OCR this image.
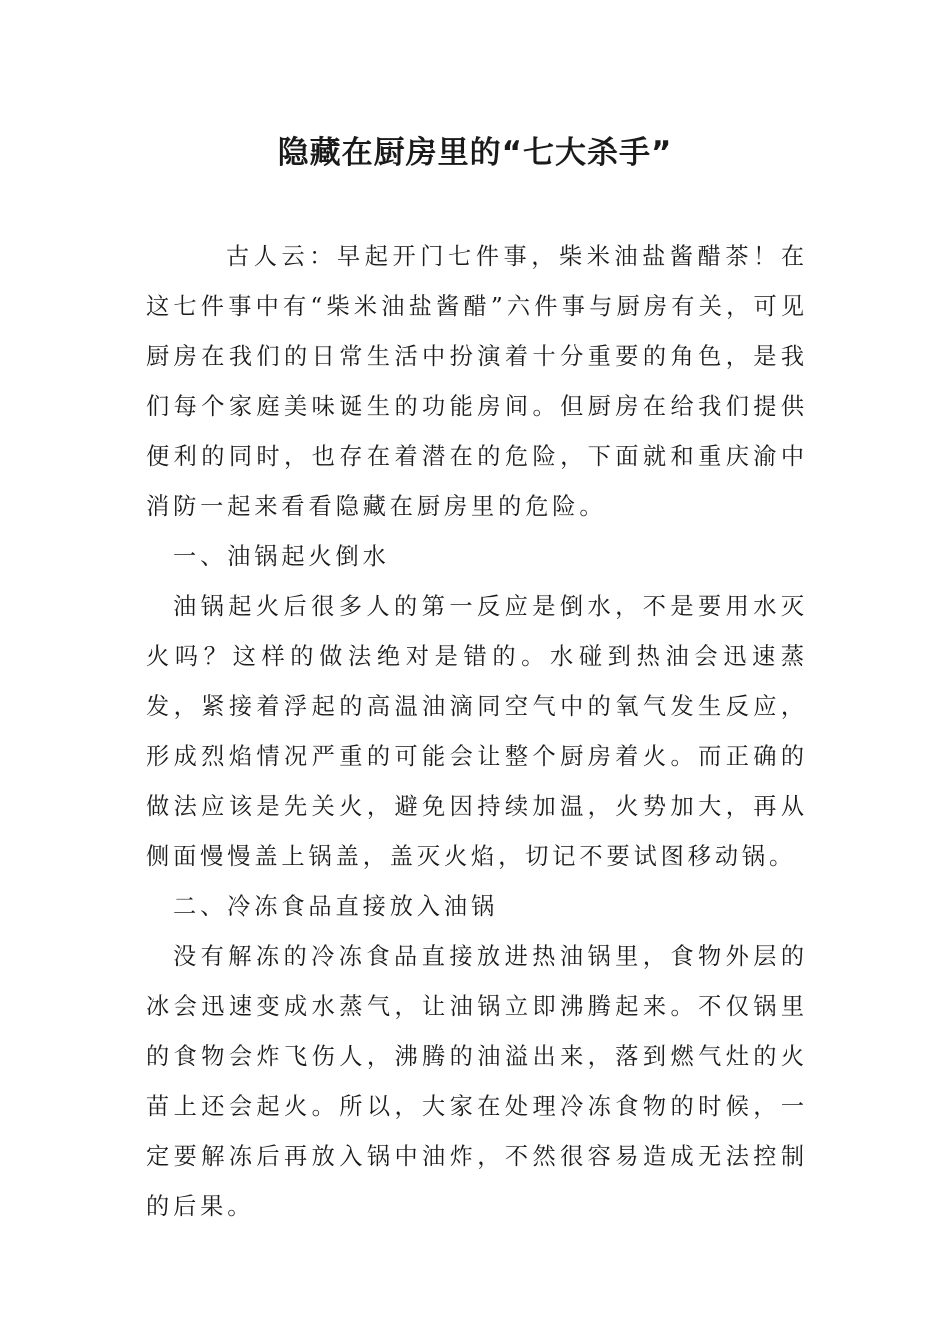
隐藏在厨房里的“七大杀手”

古人云：早起开门七件事，柴米油盐酱醋茶！在这七件事中有“柴米油盐酱醋”六件事与厨房有关，可见厨房在我们的日常生活中扮演着十分重要的角色，是我们每个家庭美味诞生的功能房间。但厨房在给我们提供便利的同时，也存在着潜在的危险，下面就和重庆渝中消防一起来看看隐藏在厨房里的危险。

一、油锅起火倒水

油锅起火后很多人的第一反应是倒水，不是要用水灭火吗？这样的做法绝对是错的。水碰到热油会迅速蒸发，紧接着浮起的高温油滴同空气中的氧气发生反应，形成烈焰情况严重的可能会让整个厨房着火。而正确的做法应该是先关火，避免因持续加温，火势加大，再从侧面慢慢盖上锅盖，盖灭火焰，切记不要试图移动锅。

二、冷冻食品直接放入油锅

没有解冻的冷冻食品直接放进热油锅里，食物外层的冰会迅速变成水蒸气，让油锅立即沸腾起来。不仅锅里的食物会炸飞伤人，沸腾的油溢出来，落到燃气灶的火苗上还会起火。所以，大家在处理冷冻食物的时候，一定要解冻后再放入锅中油炸，不然很容易造成无法控制的后果。
